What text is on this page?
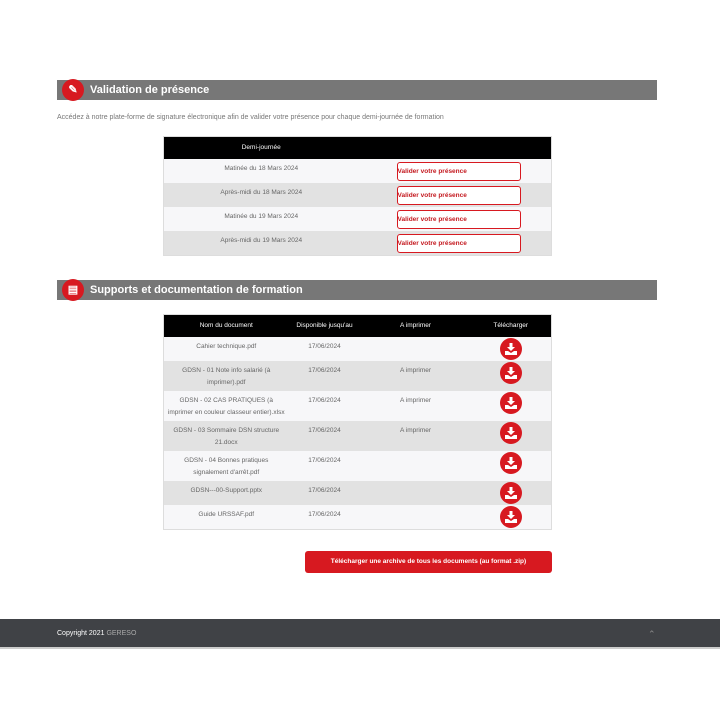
✎	Validation de présence
Accédez à notre plate-forme de signature électronique afin de valider votre présence pour chaque demi-journée de formation
Demi-journée	
Matinée du 18 Mars 2024	Valider votre présence
Après-midi du 18 Mars 2024	Valider votre présence
Matinée du 19 Mars 2024	Valider votre présence
Après-midi du 19 Mars 2024	Valider votre présence
▤	Supports et documentation de formation
Nom du document	Disponible jusqu'au	A imprimer	Télécharger
Cahier technique.pdf	17/06/2024		

GDSN - 01 Note info salarié (à imprimer).pdf	17/06/2024	A imprimer	

GDSN - 02 CAS PRATIQUES (à imprimer en couleur classeur entier).xlsx	17/06/2024	A imprimer	

GDSN - 03 Sommaire DSN structure 21.docx	17/06/2024	A imprimer	

GDSN - 04 Bonnes pratiques signalement d'arrêt.pdf	17/06/2024		

GDSN---00-Support.pptx	17/06/2024		

Guide URSSAF.pdf	17/06/2024		
Télécharger une archive de tous les documents (au format .zip)
Copyright 2021 GERESO	⌃
